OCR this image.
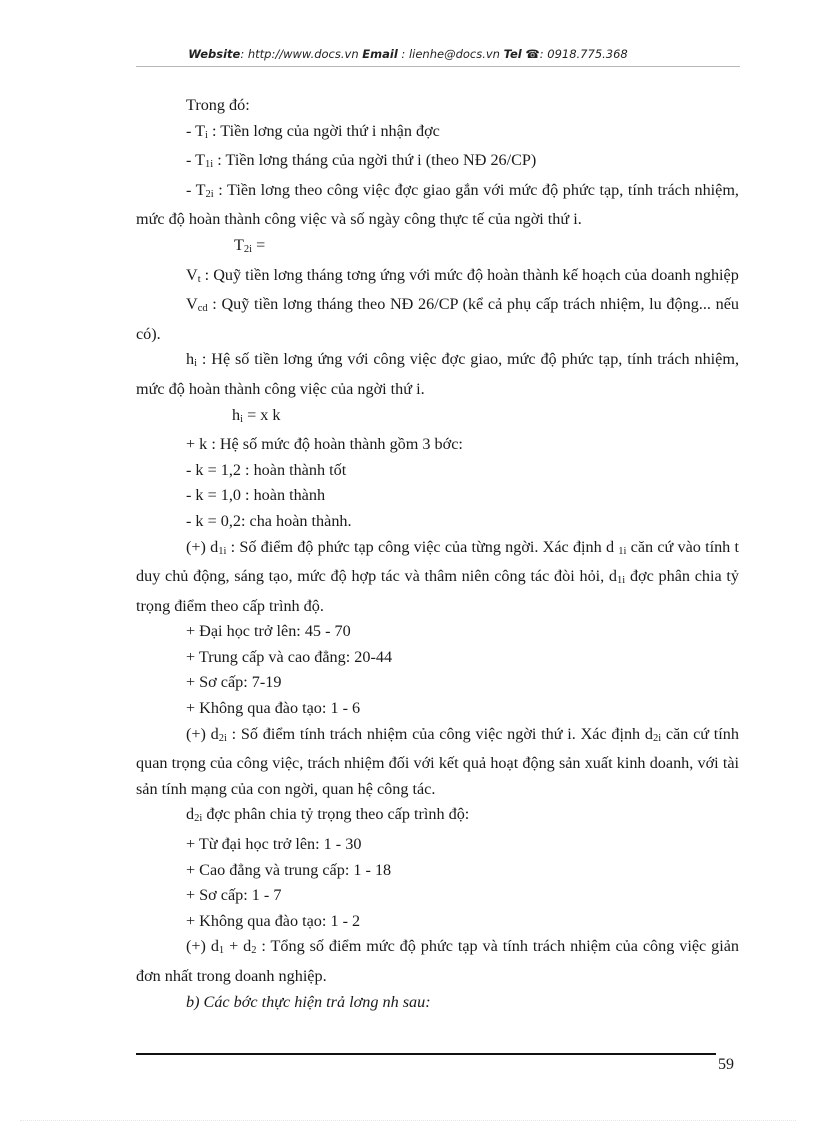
Website: http://www.docs.vn Email : lienhe@docs.vn Tel ☎: 0918.775.368

Trong đó:

- Ti : Tiền lơng của ngời thứ i nhận đợc

- T1i : Tiền lơng tháng của ngời thứ i (theo NĐ 26/CP)

- T2i : Tiền lơng theo công việc đợc giao gắn với mức độ phức tạp, tính trách nhiệm, mức độ hoàn thành công việc và số ngày công thực tế của ngời thứ i.

T2i =

Vt : Quỹ tiền lơng tháng tơng ứng với mức độ hoàn thành kế hoạch của doanh nghiệp

Vcd : Quỹ tiền lơng tháng theo NĐ 26/CP (kể cả phụ cấp trách nhiệm, lu động... nếu có).

hi : Hệ số tiền lơng ứng với công việc đợc giao, mức độ phức tạp, tính trách nhiệm, mức độ hoàn thành công việc của ngời thứ i.

hi = x k

+ k : Hệ số mức độ hoàn thành gồm 3 bớc:

- k = 1,2 : hoàn thành tốt

- k = 1,0 : hoàn thành

- k = 0,2: cha hoàn thành.

(+) d1i : Số điểm độ phức tạp công việc của từng ngời. Xác định d 1i căn cứ vào tính t duy chủ động, sáng tạo, mức độ hợp tác và thâm niên công tác đòi hỏi, d1i đợc phân chia tỷ trọng điểm theo cấp trình độ.

+ Đại học trở lên: 45 - 70

+ Trung cấp và cao đẳng: 20-44

+ Sơ cấp: 7-19

+ Không qua đào tạo: 1 - 6

(+) d2i : Số điểm tính trách nhiệm của công việc ngời thứ i. Xác định d2i căn cứ tính quan trọng của công việc, trách nhiệm đối với kết quả hoạt động sản xuất kinh doanh, với tài sản tính mạng của con ngời, quan hệ công tác.

d2i đợc phân chia tỷ trọng theo cấp trình độ:

+ Từ đại học trở lên: 1 - 30

+ Cao đẳng và trung cấp: 1 - 18

+ Sơ cấp: 1 - 7

+ Không qua đào tạo: 1 - 2

(+) d1 + d2 : Tổng số điểm mức độ phức tạp và tính trách nhiệm của công việc giản đơn nhất trong doanh nghiệp.

b) Các bớc thực hiện trả lơng nh sau:

59
